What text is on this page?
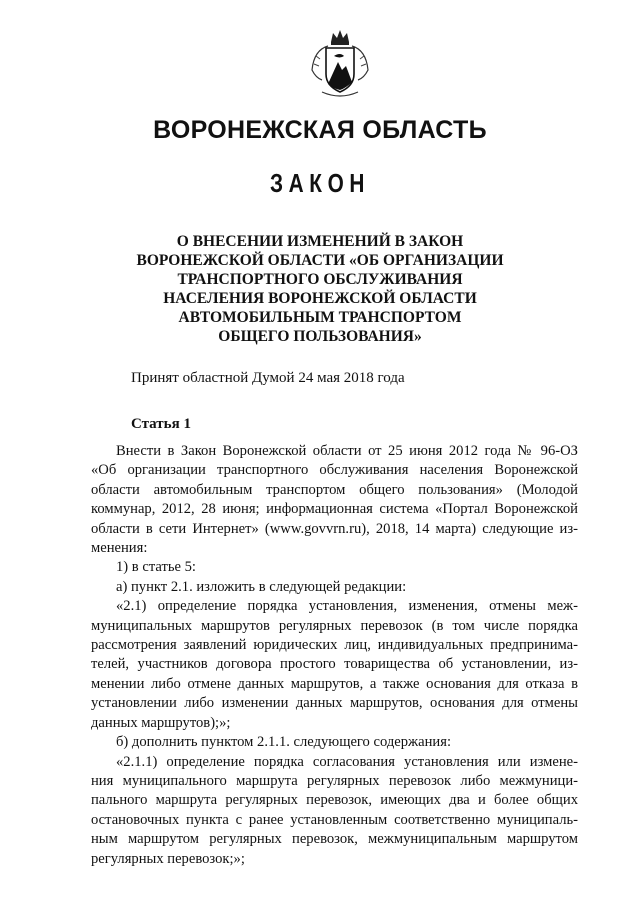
ВОРОНЕЖСКАЯ ОБЛАСТЬ
ЗАКОН
О ВНЕСЕНИИ ИЗМЕНЕНИЙ В ЗАКОН
ВОРОНЕЖСКОЙ ОБЛАСТИ «ОБ ОРГАНИЗАЦИИ
ТРАНСПОРТНОГО ОБСЛУЖИВАНИЯ
НАСЕЛЕНИЯ ВОРОНЕЖСКОЙ ОБЛАСТИ
АВТОМОБИЛЬНЫМ ТРАНСПОРТОМ
ОБЩЕГО ПОЛЬЗОВАНИЯ»
Принят областной Думой 24 мая 2018 года
Статья 1

Внести в Закон Воронежской области от 25 июня 2012 года № 96-ОЗ

«Об организации транспортного обслуживания населения Воронежской

области автомобильным транспортом общего пользования» (Молодой

коммунар, 2012, 28 июня; информационная система «Портал Воронежской

области в сети Интернет» (www.govvrn.ru), 2018, 14 марта) следующие из-

менения:

1) в статье 5:

а) пункт 2.1. изложить в следующей редакции:

«2.1) определение порядка установления, изменения, отмены меж-

муниципальных маршрутов регулярных перевозок (в том числе порядка

рассмотрения заявлений юридических лиц, индивидуальных предпринима-

телей, участников договора простого товарищества об установлении, из-

менении либо отмене данных маршрутов, а также основания для отказа в

установлении либо изменении данных маршрутов, основания для отмены

данных маршрутов);»;

б) дополнить пунктом 2.1.1. следующего содержания:

«2.1.1) определение порядка согласования установления или измене-

ния муниципального маршрута регулярных перевозок либо межмуници-

пального маршрута регулярных перевозок, имеющих два и более общих

остановочных пункта с ранее установленным соответственно муниципаль-

ным маршрутом регулярных перевозок, межмуниципальным маршрутом

регулярных перевозок;»;
